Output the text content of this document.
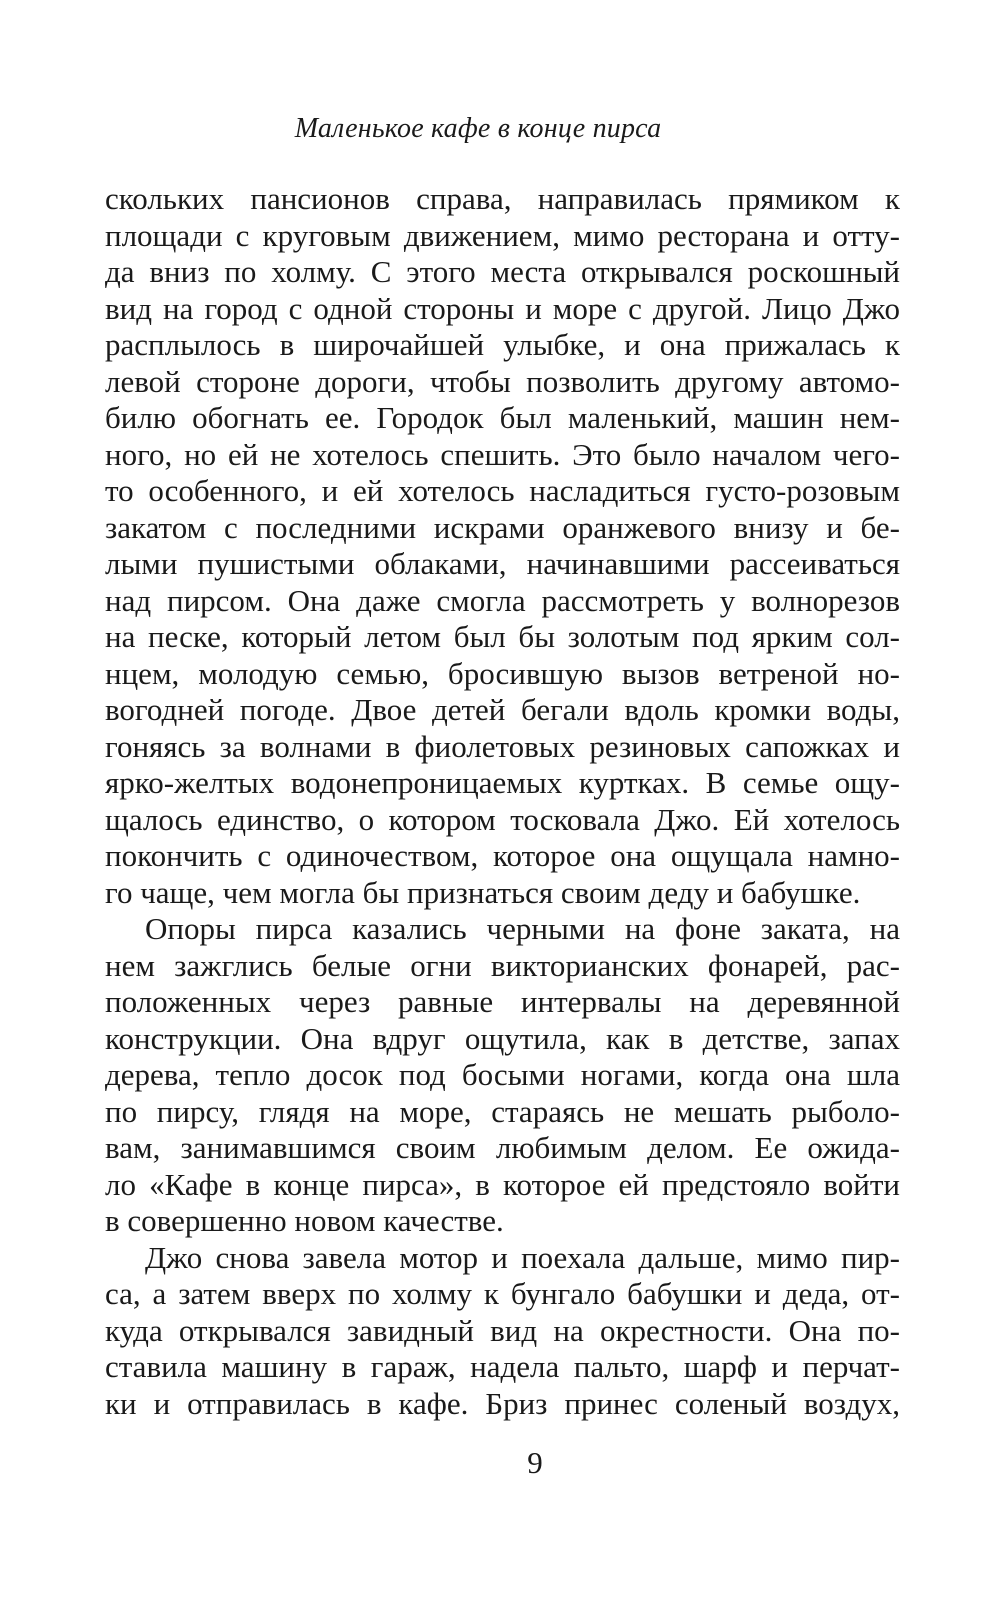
Маленькое кафе в конце пирса
скольких пансионов справа, направилась прямиком к
площади с круговым движением, мимо ресторана и отту-
да вниз по холму. С этого места открывался роскошный
вид на город с одной стороны и море с другой. Лицо Джо
расплылось в широчайшей улыбке, и она прижалась к
левой стороне дороги, чтобы позволить другому автомо-
билю обогнать ее. Городок был маленький, машин нем-
ного, но ей не хотелось спешить. Это было началом чего-
то особенного, и ей хотелось насладиться густо-розовым
закатом с последними искрами оранжевого внизу и бе-
лыми пушистыми облаками, начинавшими рассеиваться
над пирсом. Она даже смогла рассмотреть у волнорезов
на песке, который летом был бы золотым под ярким сол-
нцем, молодую семью, бросившую вызов ветреной но-
вогодней погоде. Двое детей бегали вдоль кромки воды,
гоняясь за волнами в фиолетовых резиновых сапожках и
ярко-желтых водонепроницаемых куртках. В семье ощу-
щалось единство, о котором тосковала Джо. Ей хотелось
покончить с одиночеством, которое она ощущала намно-
го чаще, чем могла бы признаться своим деду и бабушке.
Опоры пирса казались черными на фоне заката, на
нем зажглись белые огни викторианских фонарей, рас-
положенных через равные интервалы на деревянной
конструкции. Она вдруг ощутила, как в детстве, запах
дерева, тепло досок под босыми ногами, когда она шла
по пирсу, глядя на море, стараясь не мешать рыболо-
вам, занимавшимся своим любимым делом. Ее ожида-
ло «Кафе в конце пирса», в которое ей предстояло войти
в совершенно новом качестве.
Джо снова завела мотор и поехала дальше, мимо пир-
са, а затем вверх по холму к бунгало бабушки и деда, от-
куда открывался завидный вид на окрестности. Она по-
ставила машину в гараж, надела пальто, шарф и перчат-
ки и отправилась в кафе. Бриз принес соленый воздух,
9
